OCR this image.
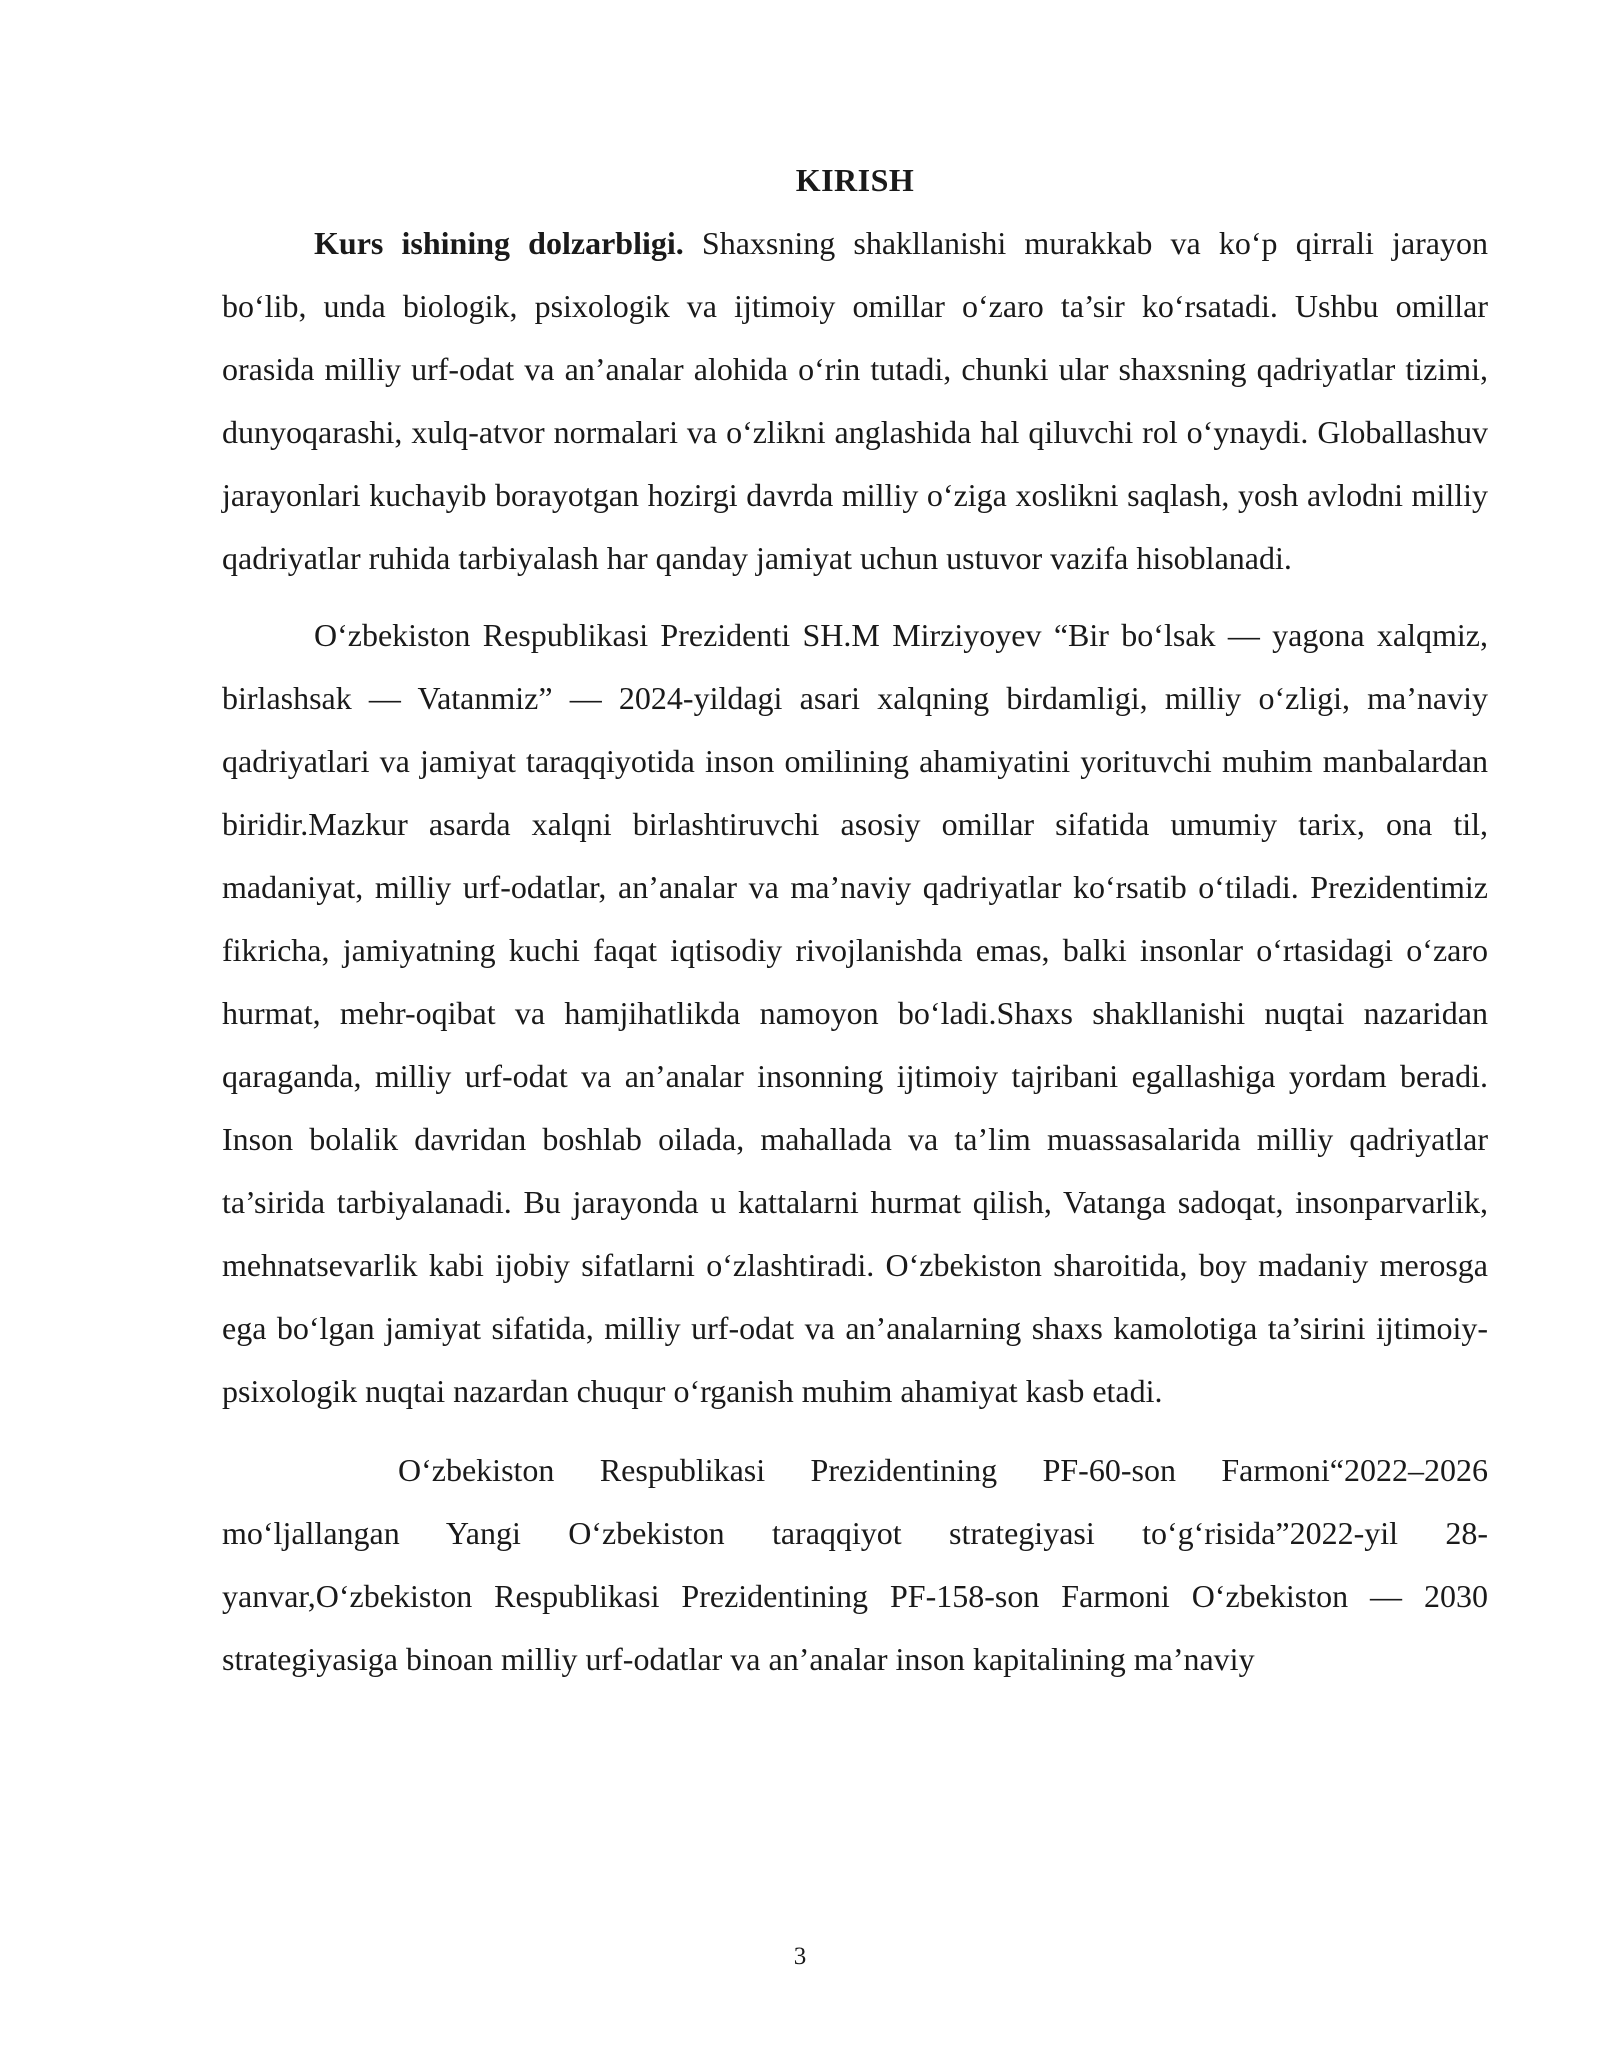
KIRISH

Kurs ishining dolzarbligi. Shaxsning shakllanishi murakkab va ko‘p qirrali jarayon bo‘lib, unda biologik, psixologik va ijtimoiy omillar o‘zaro ta’sir ko‘rsatadi. Ushbu omillar orasida milliy urf-odat va an’analar alohida o‘rin tutadi, chunki ular shaxsning qadriyatlar tizimi, dunyoqarashi, xulq-atvor normalari va o‘zlikni anglashida hal qiluvchi rol o‘ynaydi. Globallashuv jarayonlari kuchayib borayotgan hozirgi davrda milliy o‘ziga xoslikni saqlash, yosh avlodni milliy qadriyatlar ruhida tarbiyalash har qanday jamiyat uchun ustuvor vazifa hisoblanadi.

O‘zbekiston Respublikasi Prezidenti SH.M Mirziyoyev “Bir bo‘lsak — yagona xalqmiz, birlashsak — Vatanmiz” — 2024-yildagi asari xalqning birdamligi, milliy o‘zligi, ma’naviy qadriyatlari va jamiyat taraqqiyotida inson omilining ahamiyatini yorituvchi muhim manbalardan biridir.Mazkur asarda xalqni birlashtiruvchi asosiy omillar sifatida umumiy tarix, ona til, madaniyat, milliy urf-odatlar, an’analar va ma’naviy qadriyatlar ko‘rsatib o‘tiladi. Prezidentimiz fikricha, jamiyatning kuchi faqat iqtisodiy rivojlanishda emas, balki insonlar o‘rtasidagi o‘zaro hurmat, mehr-oqibat va hamjihatlikda namoyon bo‘ladi.Shaxs shakllanishi nuqtai nazaridan qaraganda, milliy urf-odat va an’analar insonning ijtimoiy tajribani egallashiga yordam beradi. Inson bolalik davridan boshlab oilada, mahallada va ta’lim muassasalarida milliy qadriyatlar ta’sirida tarbiyalanadi. Bu jarayonda u kattalarni hurmat qilish, Vatanga sadoqat, insonparvarlik, mehnatsevarlik kabi ijobiy sifatlarni o‘zlashtiradi. O‘zbekiston sharoitida, boy madaniy merosga ega bo‘lgan jamiyat sifatida, milliy urf-odat va an’analarning shaxs kamolotiga ta’sirini ijtimoiy-psixologik nuqtai nazardan chuqur o‘rganish muhim ahamiyat kasb etadi.

O‘zbekiston Respublikasi Prezidentining PF-60-son Farmoni“2022–2026 mo‘ljallangan Yangi O‘zbekiston taraqqiyot strategiyasi to‘g‘risida”2022-yil 28-yanvar,O‘zbekiston Respublikasi Prezidentining PF-158-son Farmoni O‘zbekiston — 2030 strategiyasiga binoan milliy urf-odatlar va an’analar inson kapitalining ma’naviy

3
